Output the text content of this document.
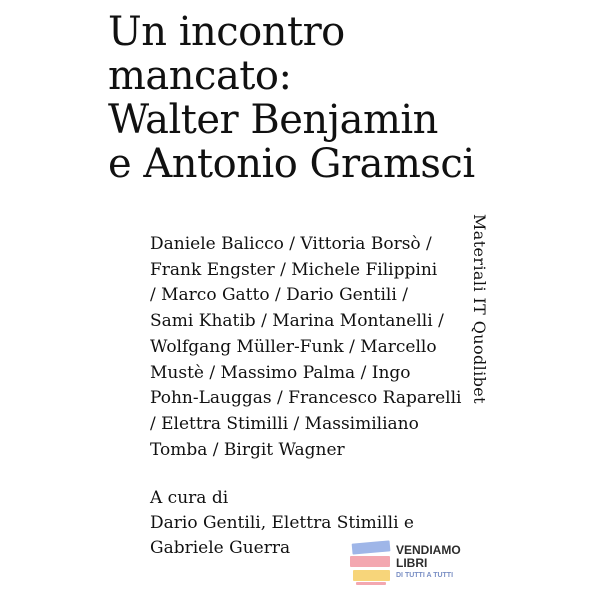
Un incontro
mancato:
Walter Benjamin
e Antonio Gramsci
Daniele Balicco / Vittoria Borsò /
Frank Engster / Michele Filippini
/ Marco Gatto / Dario Gentili /
Sami Khatib / Marina Montanelli /
Wolfgang Müller-Funk / Marcello
Mustè / Massimo Palma / Ingo
Pohn-Lauggas / Francesco Raparelli
/ Elettra Stimilli / Massimiliano
Tomba / Birgit Wagner
A cura di
Dario Gentili, Elettra Stimilli e
Gabriele Guerra
Materiali IT Quodlibet
VENDIAMO
LIBRI
DI TUTTI A TUTTI
